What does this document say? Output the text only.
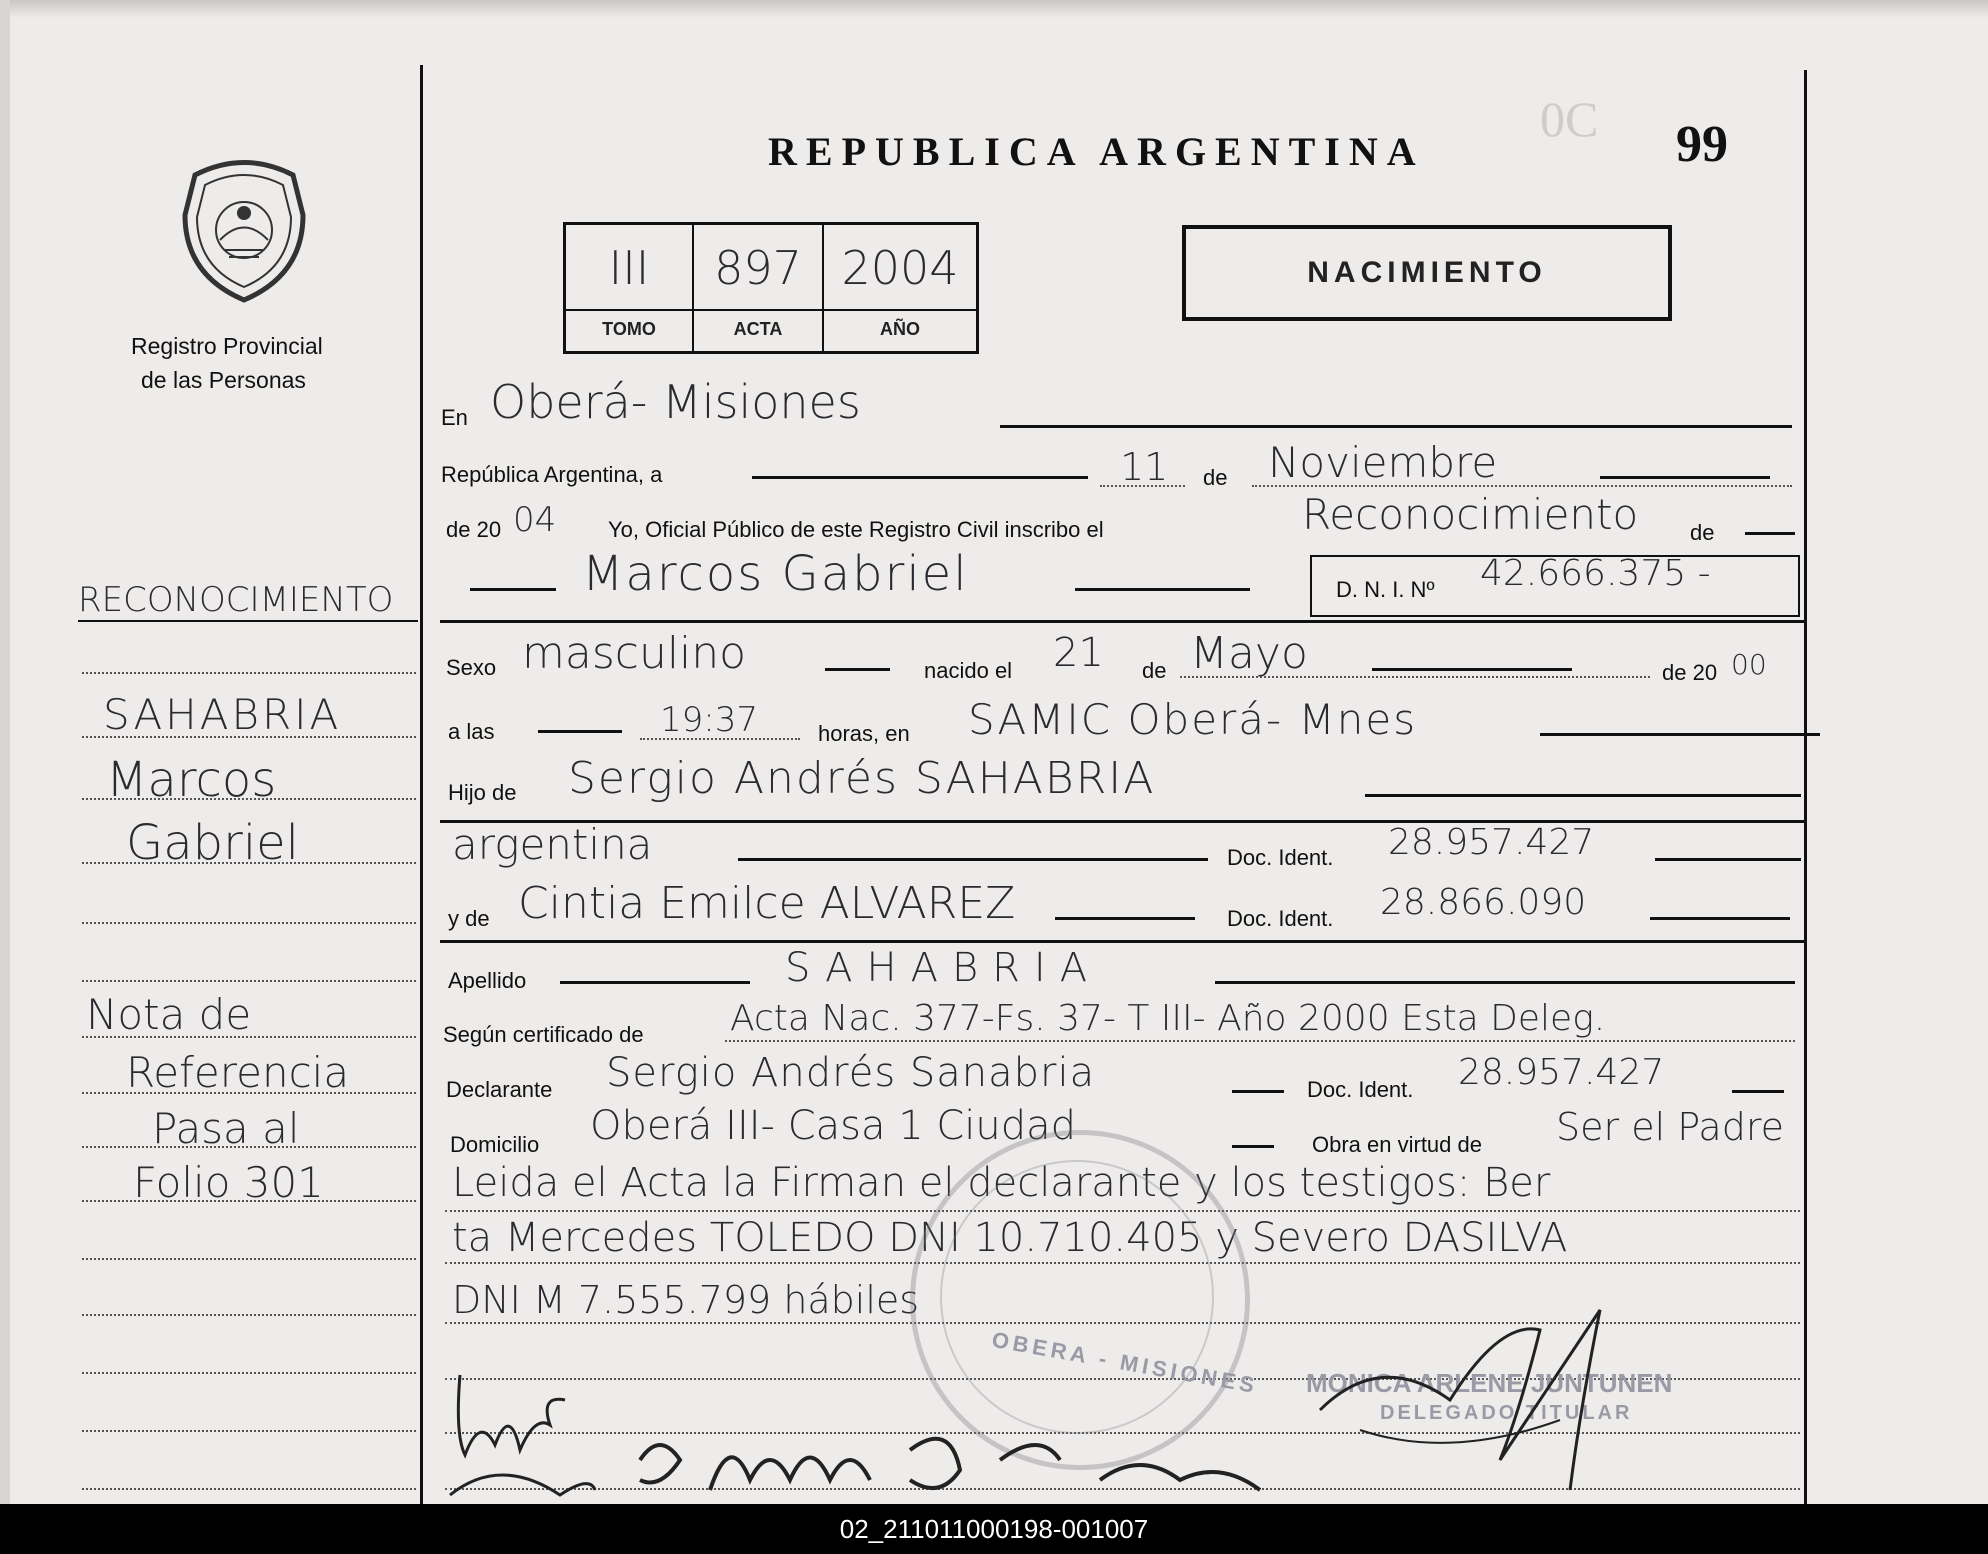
REPUBLICA ARGENTINA
0C 99
Registro Provincial
de las Personas
III	897 2004
TOMO	ACTA	AÑO
NACIMIENTO
RECONOCIMIENTO
SAHABRIA
Marcos
Gabriel
Nota de
Referencia
Pasa al
Folio 301
En Oberá- Misiones
República Argentina, a	11 de Noviembre
de 20 04 Yo, Oficial Público de este Registro Civil inscribo el	Reconocimiento de
Marcos Gabriel	D. N. I. Nº 42.666.375 -
Sexo masculino	nacido el 21 de Mayo	de 20 00
a las	19:37	horas, en SAMIC Oberá- Mnes
Hijo de Sergio Andrés SAHABRIA
argentina	Doc. Ident. 28.957.427
y de Cintia Emilce ALVAREZ	Doc. Ident. 28.866.090
Apellido	SAHABRIA
Según certificado de Acta Nac. 377-Fs. 37- T III- Año 2000 Esta Deleg.
Declarante Sergio Andrés Sanabria	Doc. Ident. 28.957.427
Domicilio Oberá III- Casa 1 Ciudad	Obra en virtud de Ser el Padre
Leida el Acta la Firman el declarante y los testigos: Ber
ta Mercedes TOLEDO DNI 10.710.405 y Severo DASILVA
DNI M 7.555.799 hábiles
OBERA - MISIONES MONICA ARLENE JUNTUNEN
DELEGADO TITULAR
02_211011000198-001007
